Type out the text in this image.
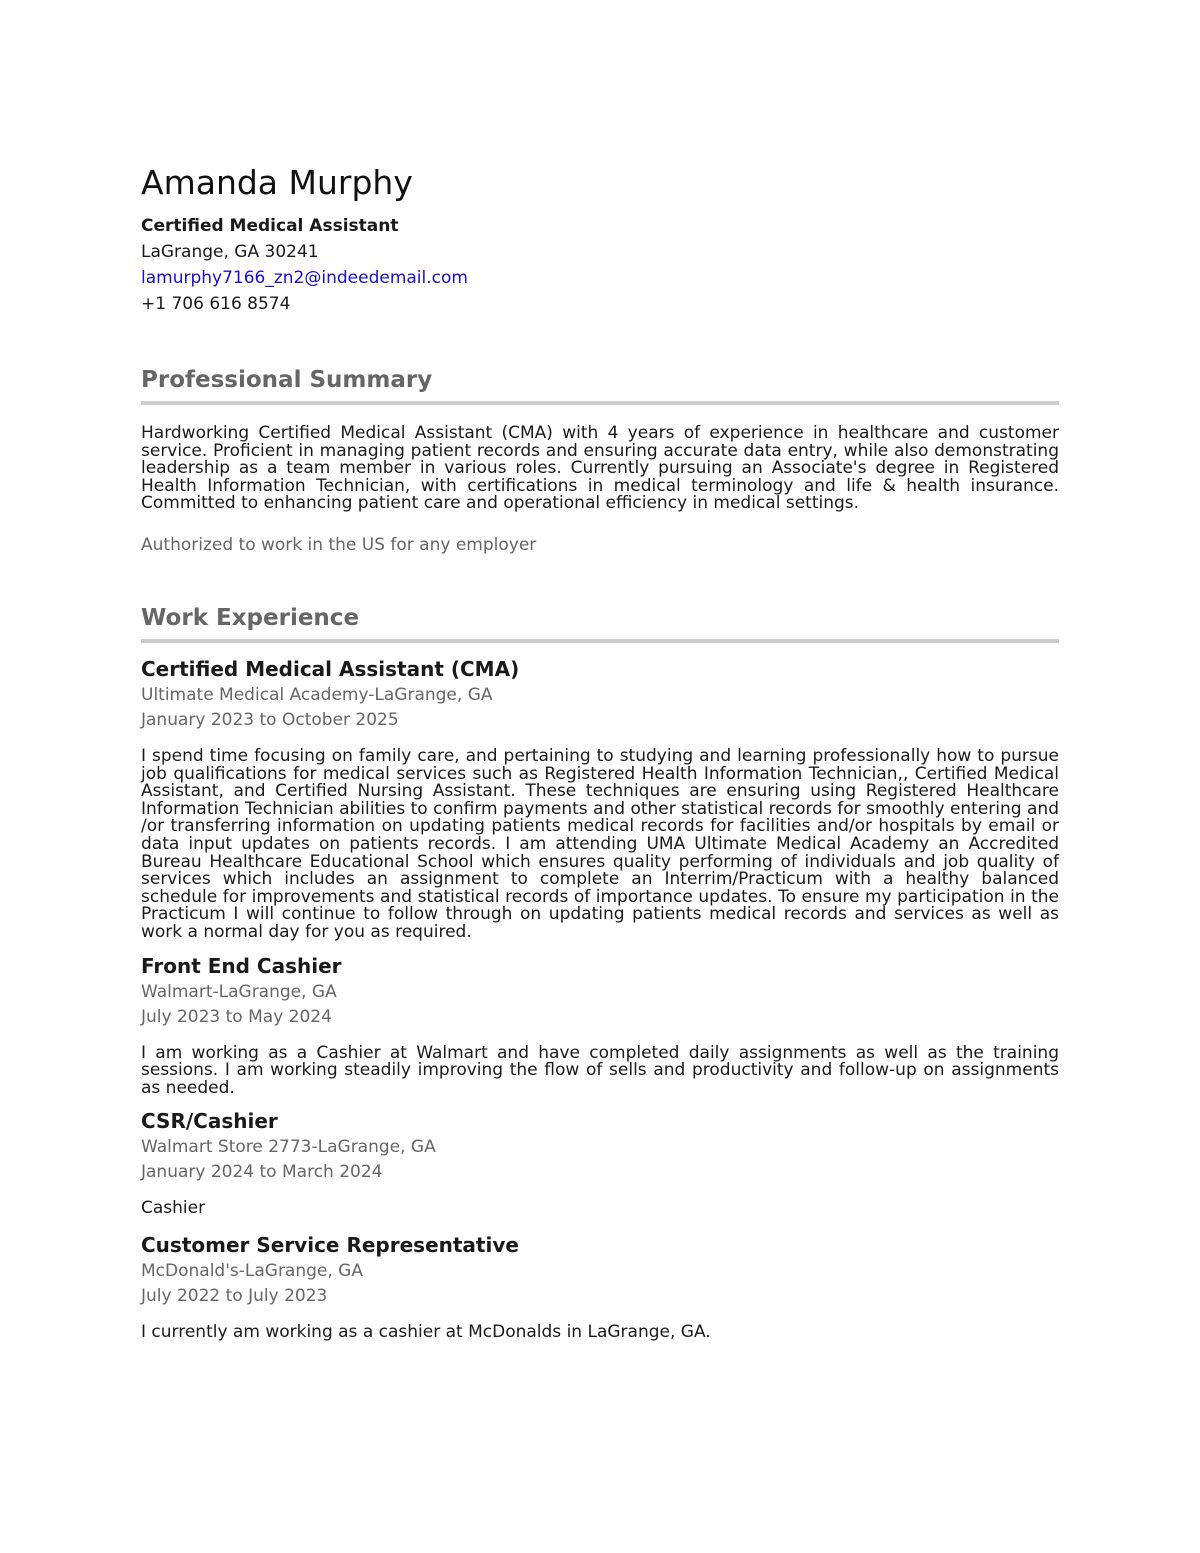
Amanda Murphy

Certified Medical Assistant

LaGrange, GA 30241

lamurphy7166_zn2@indeedemail.com

+1 706 616 8574

Professional Summary

Hardworking Certified Medical Assistant (CMA) with 4 years of experience in healthcare and customer service. Proficient in managing patient records and ensuring accurate data entry, while also demonstrating leadership as a team member in various roles. Currently pursuing an Associate's degree in Registered Health Information Technician, with certifications in medical terminology and life & health insurance. Committed to enhancing patient care and operational efficiency in medical settings.

Authorized to work in the US for any employer

Work Experience
Certified Medical Assistant (CMA)

Ultimate Medical Academy-LaGrange, GA

January 2023 to October 2025

I spend time focusing on family care, and pertaining to studying and learning professionally how to pursue job qualifications for medical services such as Registered Health Information Technician,, Certified Medical Assistant, and Certified Nursing Assistant. These techniques are ensuring using Registered Healthcare Information Technician abilities to confirm payments and other statistical records for smoothly entering and /or transferring information on updating patients medical records for facilities and/or hospitals by email or data input updates on patients records. I am attending UMA Ultimate Medical Academy an Accredited Bureau Healthcare Educational School which ensures quality performing of individuals and job quality of services which includes an assignment to complete an Interrim/Practicum with a healthy balanced schedule for improvements and statistical records of importance updates. To ensure my participation in the Practicum I will continue to follow through on updating patients medical records and services as well as work a normal day for you as required.

Front End Cashier

Walmart-LaGrange, GA

July 2023 to May 2024

I am working as a Cashier at Walmart and have completed daily assignments as well as the training sessions. I am working steadily improving the flow of sells and productivity and follow-up on assignments as needed.

CSR/Cashier

Walmart Store 2773-LaGrange, GA

January 2024 to March 2024

Cashier

Customer Service Representative

McDonald's-LaGrange, GA

July 2022 to July 2023

I currently am working as a cashier at McDonalds in LaGrange, GA.
